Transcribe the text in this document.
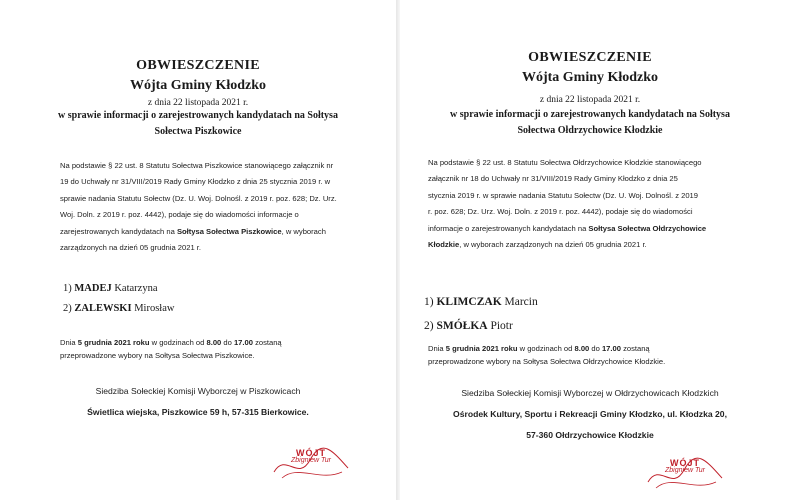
OBWIESZCZENIE
Wójta Gminy Kłodzko
z dnia 22 listopada 2021 r.
w sprawie informacji o zarejestrowanych kandydatach na Sołtysa
Sołectwa Piszkowice
Na podstawie § 22 ust. 8 Statutu Sołectwa Piszkowice stanowiącego załącznik nr
19 do Uchwały nr 31/VIII/2019 Rady Gminy Kłodzko z dnia 25 stycznia 2019 r. w
sprawie nadania Statutu Sołectw (Dz. U. Woj. Dolnośl. z 2019 r. poz. 628; Dz. Urz.
Woj. Doln. z 2019 r. poz. 4442), podaje się do wiadomości informacje o
zarejestrowanych kandydatach na Sołtysa Sołectwa Piszkowice, w wyborach
zarządzonych na dzień 05 grudnia 2021 r.
1) MADEJ Katarzyna
2) ZALEWSKI Mirosław
Dnia 5 grudnia 2021 roku w godzinach od 8.00 do 17.00 zostaną
przeprowadzone wybory na Sołtysa Sołectwa Piszkowice.
Siedziba Sołeckiej Komisji Wyborczej w Piszkowicach
Świetlica wiejska, Piszkowice 59 h, 57-315 Bierkowice.
WÓJT
Zbigniew Tur
OBWIESZCZENIE
Wójta Gminy Kłodzko
z dnia 22 listopada 2021 r.
w sprawie informacji o zarejestrowanych kandydatach na Sołtysa
Sołectwa Ołdrzychowice Kłodzkie
Na podstawie § 22 ust. 8 Statutu Sołectwa Ołdrzychowice Kłodzkie stanowiącego
załącznik nr 18 do Uchwały nr 31/VIII/2019 Rady Gminy Kłodzko z dnia 25
stycznia 2019 r. w sprawie nadania Statutu Sołectw (Dz. U. Woj. Dolnośl. z 2019
r. poz. 628; Dz. Urz. Woj. Doln. z 2019 r. poz. 4442), podaje się do wiadomości
informacje o zarejestrowanych kandydatach na Sołtysa Sołectwa Ołdrzychowice
Kłodzkie, w wyborach zarządzonych na dzień 05 grudnia 2021 r.
1) KLIMCZAK Marcin
2) SMÓŁKA Piotr
Dnia 5 grudnia 2021 roku w godzinach od 8.00 do 17.00 zostaną
przeprowadzone wybory na Sołtysa Sołectwa Ołdrzychowice Kłodzkie.
Siedziba Sołeckiej Komisji Wyborczej w Ołdrzychowicach Kłodzkich
Ośrodek Kultury, Sportu i Rekreacji Gminy Kłodzko, ul. Kłodzka 20,
57-360 Ołdrzychowice Kłodzkie
WÓJT
Zbigniew Tur
